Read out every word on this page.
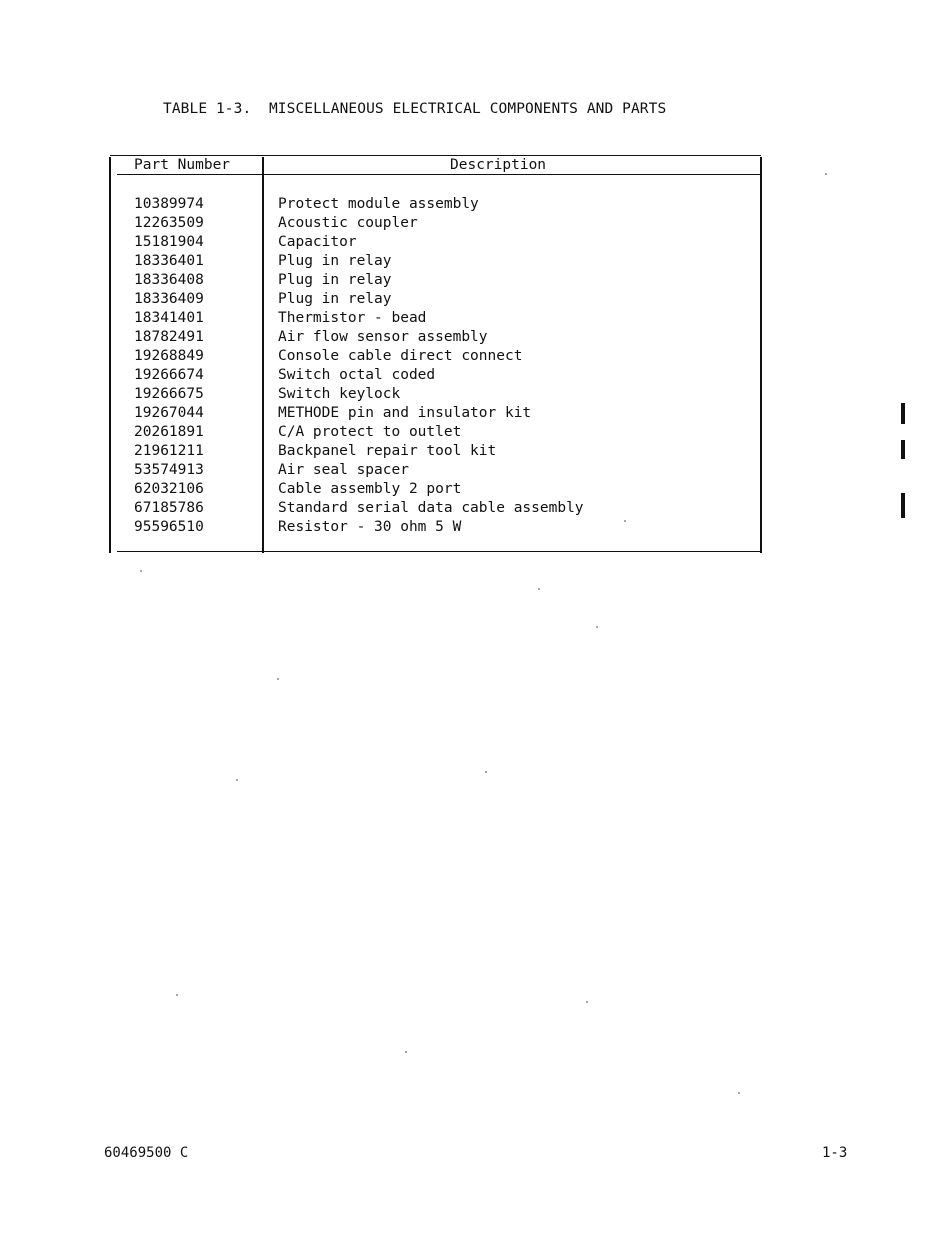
TABLE 1-3.  MISCELLANEOUS ELECTRICAL COMPONENTS AND PARTS
Part Number	Description
10389974	Protect module assembly
12263509	Acoustic coupler
15181904	Capacitor
18336401	Plug in relay
18336408	Plug in relay
18336409	Plug in relay
18341401	Thermistor - bead
18782491	Air flow sensor assembly
19268849	Console cable direct connect
19266674	Switch octal coded
19266675	Switch keylock
19267044	METHODE pin and insulator kit
20261891	C/A protect to outlet
21961211	Backpanel repair tool kit
53574913	Air seal spacer
62032106	Cable assembly 2 port
67185786	Standard serial data cable assembly
95596510	Resistor - 30 ohm 5 W
60469500 C	1-3
